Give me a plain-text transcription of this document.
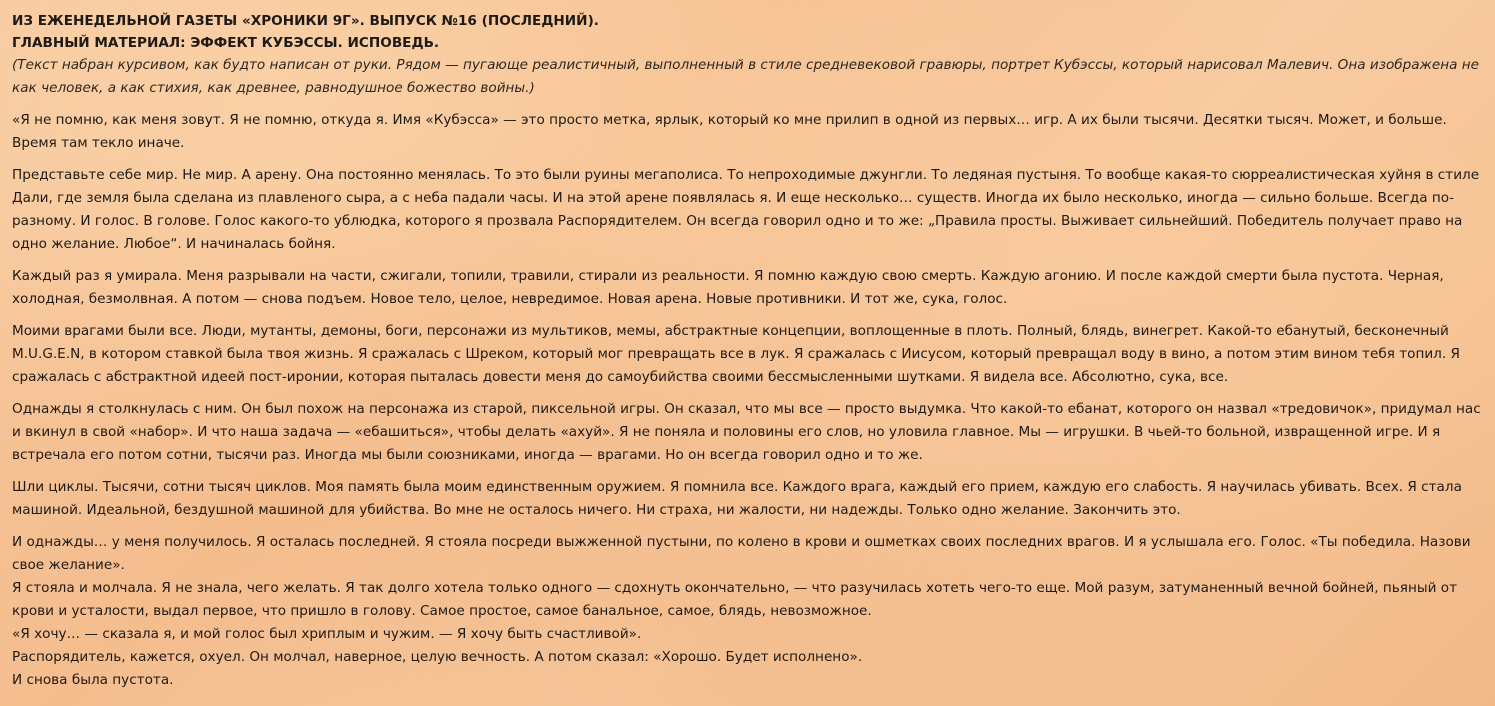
ИЗ ЕЖЕНЕДЕЛЬНОЙ ГАЗЕТЫ «ХРОНИКИ 9Г». ВЫПУСК №16 (ПОСЛЕДНИЙ).
ГЛАВНЫЙ МАТЕРИАЛ: ЭФФЕКТ КУБЭССЫ. ИСПОВЕДЬ.
(Текст набран курсивом, как будто написан от руки. Рядом — пугающе реалистичный, выполненный в стиле средневековой гравюры, портрет Кубэссы, который нарисовал Малевич. Она изображена не как человек, а как стихия, как древнее, равнодушное божество войны.)
«Я не помню, как меня зовут. Я не помню, откуда я. Имя «Кубэсса» — это просто метка, ярлык, который ко мне прилип в одной из первых… игр. А их были тысячи. Десятки тысяч. Может, и больше. Время там текло иначе.
Представьте себе мир. Не мир. А арену. Она постоянно менялась. То это были руины мегаполиса. То непроходимые джунгли. То ледяная пустыня. То вообще какая-то сюрреалистическая хуйня в стиле Дали, где земля была сделана из плавленого сыра, а с неба падали часы. И на этой арене появлялась я. И еще несколько… существ. Иногда их было несколько, иногда — сильно больше. Всегда по-разному. И голос. В голове. Голос какого-то ублюдка, которого я прозвала Распорядителем. Он всегда говорил одно и то же: „Правила просты. Выживает сильнейший. Победитель получает право на одно желание. Любое“. И начиналась бойня.
Каждый раз я умирала. Меня разрывали на части, сжигали, топили, травили, стирали из реальности. Я помню каждую свою смерть. Каждую агонию. И после каждой смерти была пустота. Черная, холодная, безмолвная. А потом — снова подъем. Новое тело, целое, невредимое. Новая арена. Новые противники. И тот же, сука, голос.
Моими врагами были все. Люди, мутанты, демоны, боги, персонажи из мультиков, мемы, абстрактные концепции, воплощенные в плоть. Полный, блядь, винегрет. Какой-то ебанутый, бесконечный M.U.G.E.N, в котором ставкой была твоя жизнь. Я сражалась с Шреком, который мог превращать все в лук. Я сражалась с Иисусом, который превращал воду в вино, а потом этим вином тебя топил. Я сражалась с абстрактной идеей пост-иронии, которая пыталась довести меня до самоубийства своими бессмысленными шутками. Я видела все. Абсолютно, сука, все.
Однажды я столкнулась с ним. Он был похож на персонажа из старой, пиксельной игры. Он сказал, что мы все — просто выдумка. Что какой-то ебанат, которого он назвал «тредовичок», придумал нас и вкинул в свой «набор». И что наша задача — «ебашиться», чтобы делать «ахуй». Я не поняла и половины его слов, но уловила главное. Мы — игрушки. В чьей-то больной, извращенной игре. И я встречала его потом сотни, тысячи раз. Иногда мы были союзниками, иногда — врагами. Но он всегда говорил одно и то же.
Шли циклы. Тысячи, сотни тысяч циклов. Моя память была моим единственным оружием. Я помнила все. Каждого врага, каждый его прием, каждую его слабость. Я научилась убивать. Всех. Я стала машиной. Идеальной, бездушной машиной для убийства. Во мне не осталось ничего. Ни страха, ни жалости, ни надежды. Только одно желание. Закончить это.
И однажды… у меня получилось. Я осталась последней. Я стояла посреди выжженной пустыни, по колено в крови и ошметках своих последних врагов. И я услышала его. Голос. «Ты победила. Назови свое желание».
Я стояла и молчала. Я не знала, чего желать. Я так долго хотела только одного — сдохнуть окончательно, — что разучилась хотеть чего-то еще. Мой разум, затуманенный вечной бойней, пьяный от крови и усталости, выдал первое, что пришло в голову. Самое простое, самое банальное, самое, блядь, невозможное.
«Я хочу… — сказала я, и мой голос был хриплым и чужим. — Я хочу быть счастливой».
Распорядитель, кажется, охуел. Он молчал, наверное, целую вечность. А потом сказал: «Хорошо. Будет исполнено».
И снова была пустота.
